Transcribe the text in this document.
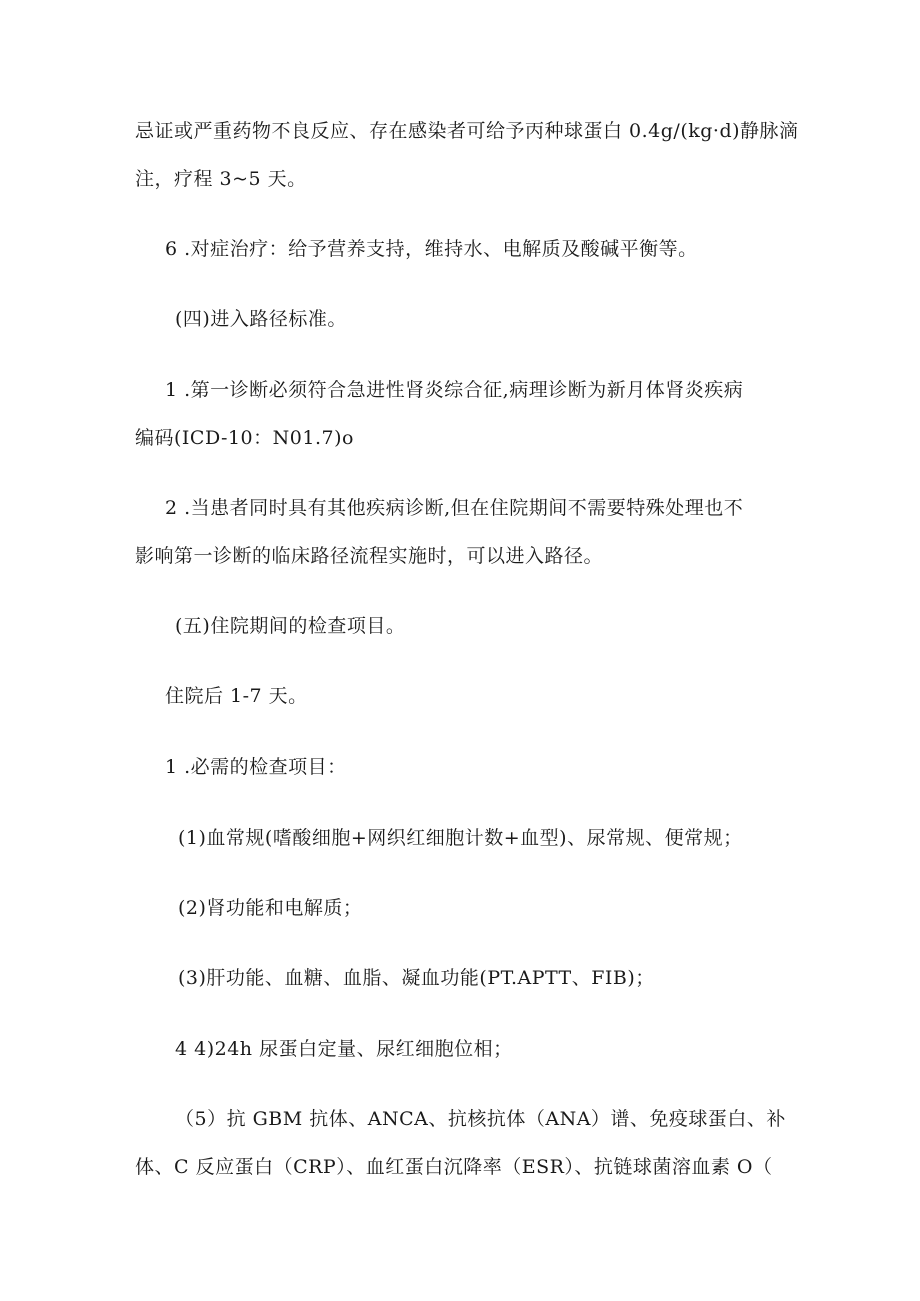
忌证或严重药物不良反应、存在感染者可给予丙种球蛋白 0.4g/(kg·d)静脉滴
注，疗程 3~5 天。
6 .对症治疗：给予营养支持，维持水、电解质及酸碱平衡等。
(四)进入路径标准。
1 .第一诊断必须符合急进性肾炎综合征,病理诊断为新月体肾炎疾病
编码(ICD-10：N01.7)o
2 .当患者同时具有其他疾病诊断,但在住院期间不需要特殊处理也不
影响第一诊断的临床路径流程实施时，可以进入路径。
(五)住院期间的检查项目。
住院后 1-7 天。
1 .必需的检查项目：
(1)血常规(嗜酸细胞+网织红细胞计数+血型)、尿常规、便常规；
(2)肾功能和电解质；
(3)肝功能、血糖、血脂、凝血功能(PT.APTT、FIB)；
4 4)24h 尿蛋白定量、尿红细胞位相；
（5）抗 GBM 抗体、ANCA、抗核抗体（ANA）谱、免疫球蛋白、补
体、C 反应蛋白（CRP）、血红蛋白沉降率（ESR）、抗链球菌溶血素 O（
